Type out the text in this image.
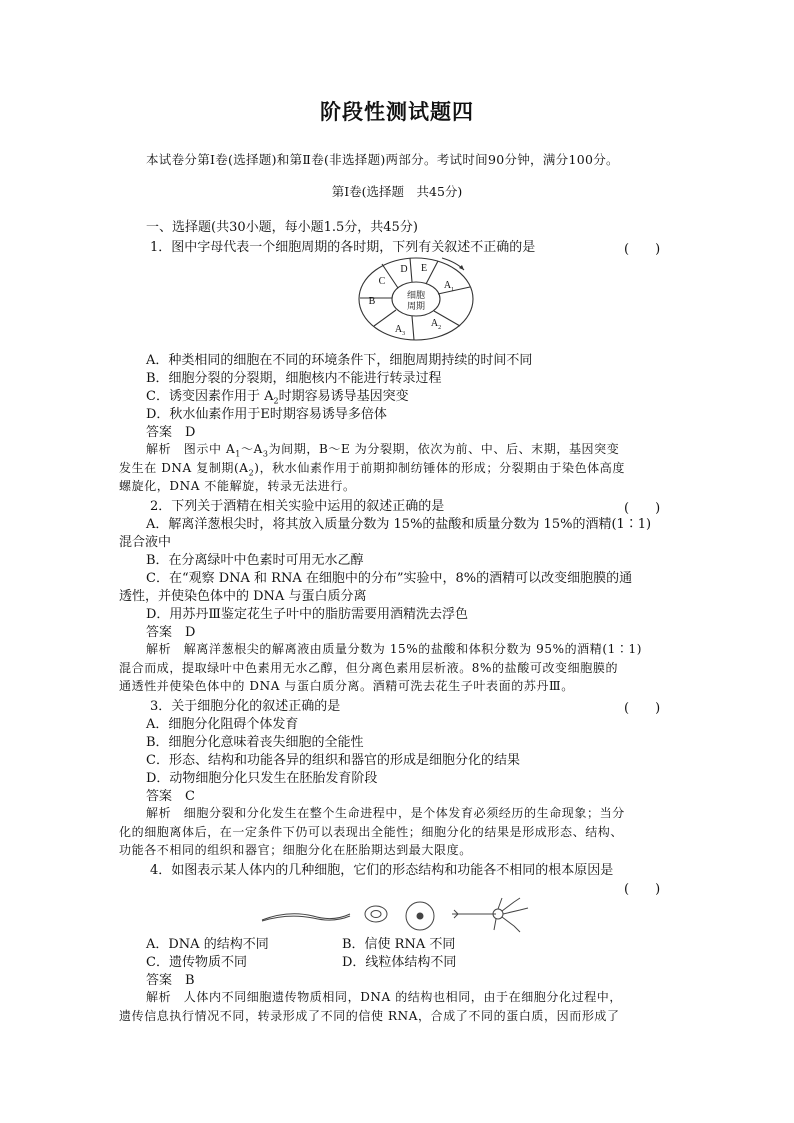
阶段性测试题四
本试卷分第Ⅰ卷(选择题)和第Ⅱ卷(非选择题)两部分。考试时间90分钟，满分100分。
第Ⅰ卷(选择题　共45分)
一、选择题(共30小题，每小题1.5分，共45分)
1．图中字母代表一个细胞周期的各时期，下列有关叙述不正确的是	(　　)
D E
$A_1$
$A_2$
$A_3$
B
C
细胞
周期
A．种类相同的细胞在不同的环境条件下，细胞周期持续的时间不同
B．细胞分裂的分裂期，细胞核内不能进行转录过程
C．诱变因素作用于 $A_2$时期容易诱导基因突变
D．秋水仙素作用于E时期容易诱导多倍体
答案　D
解析　图示中 $A_1\sim A_3$为间期，B～E 为分裂期，依次为前、中、后、末期，基因突变
发生在 DNA 复制期$(A_2)$，秋水仙素作用于前期抑制纺锤体的形成；分裂期由于染色体高度
螺旋化，DNA 不能解旋，转录无法进行。
2．下列关于酒精在相关实验中运用的叙述正确的是	(　　)
A．解离洋葱根尖时，将其放入质量分数为 15%的盐酸和质量分数为 15%的酒精(1∶1)
混合液中
B．在分离绿叶中色素时可用无水乙醇
C．在“观察 DNA 和 RNA 在细胞中的分布”实验中，8%的酒精可以改变细胞膜的通
透性，并使染色体中的 DNA 与蛋白质分离
D．用苏丹Ⅲ鉴定花生子叶中的脂肪需要用酒精洗去浮色
答案　D
解析　解离洋葱根尖的解离液由质量分数为 15%的盐酸和体积分数为 95%的酒精(1∶1)
混合而成，提取绿叶中色素用无水乙醇，但分离色素用层析液。8%的盐酸可改变细胞膜的
通透性并使染色体中的 DNA 与蛋白质分离。酒精可洗去花生子叶表面的苏丹Ⅲ。
3．关于细胞分化的叙述正确的是	(　　)
A．细胞分化阻碍个体发育
B．细胞分化意味着丧失细胞的全能性
C．形态、结构和功能各异的组织和器官的形成是细胞分化的结果
D．动物细胞分化只发生在胚胎发育阶段
答案　C
解析　细胞分裂和分化发生在整个生命进程中，是个体发育必须经历的生命现象；当分
化的细胞离体后，在一定条件下仍可以表现出全能性；细胞分化的结果是形成形态、结构、
功能各不相同的组织和器官；细胞分化在胚胎期达到最大限度。
4．如图表示某人体内的几种细胞，它们的形态结构和功能各不相同的根本原因是
(　　)
A．DNA 的结构不同	B．信使 RNA 不同
C．遗传物质不同	D．线粒体结构不同
答案　B
解析　人体内不同细胞遗传物质相同，DNA 的结构也相同，由于在细胞分化过程中，
遗传信息执行情况不同，转录形成了不同的信使 RNA，合成了不同的蛋白质，因而形成了
